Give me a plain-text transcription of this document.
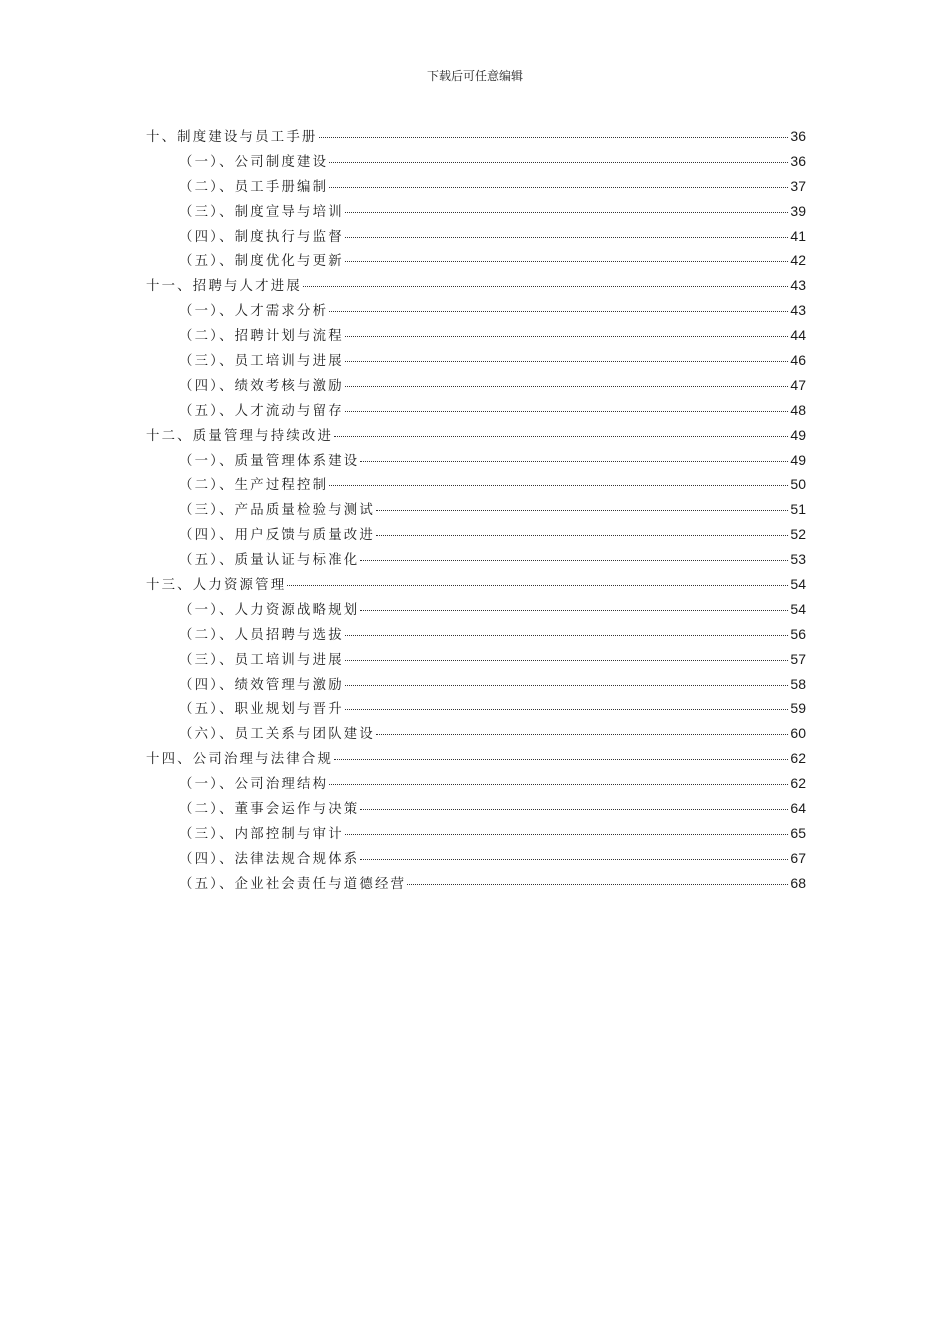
下载后可任意编辑
十、制度建设与员工手册	36
（一）、公司制度建设	36
（二）、员工手册编制	37
（三）、制度宣导与培训	39
（四）、制度执行与监督	41
（五）、制度优化与更新	42
十一、招聘与人才进展	43
（一）、人才需求分析	43
（二）、招聘计划与流程	44
（三）、员工培训与进展	46
（四）、绩效考核与激励	47
（五）、人才流动与留存	48
十二、质量管理与持续改进	49
（一）、质量管理体系建设	49
（二）、生产过程控制	50
（三）、产品质量检验与测试	51
（四）、用户反馈与质量改进	52
（五）、质量认证与标准化	53
十三、人力资源管理	54
（一）、人力资源战略规划	54
（二）、人员招聘与选拔	56
（三）、员工培训与进展	57
（四）、绩效管理与激励	58
（五）、职业规划与晋升	59
（六）、员工关系与团队建设	60
十四、公司治理与法律合规	62
（一）、公司治理结构	62
（二）、董事会运作与决策	64
（三）、内部控制与审计	65
（四）、法律法规合规体系	67
（五）、企业社会责任与道德经营	68
